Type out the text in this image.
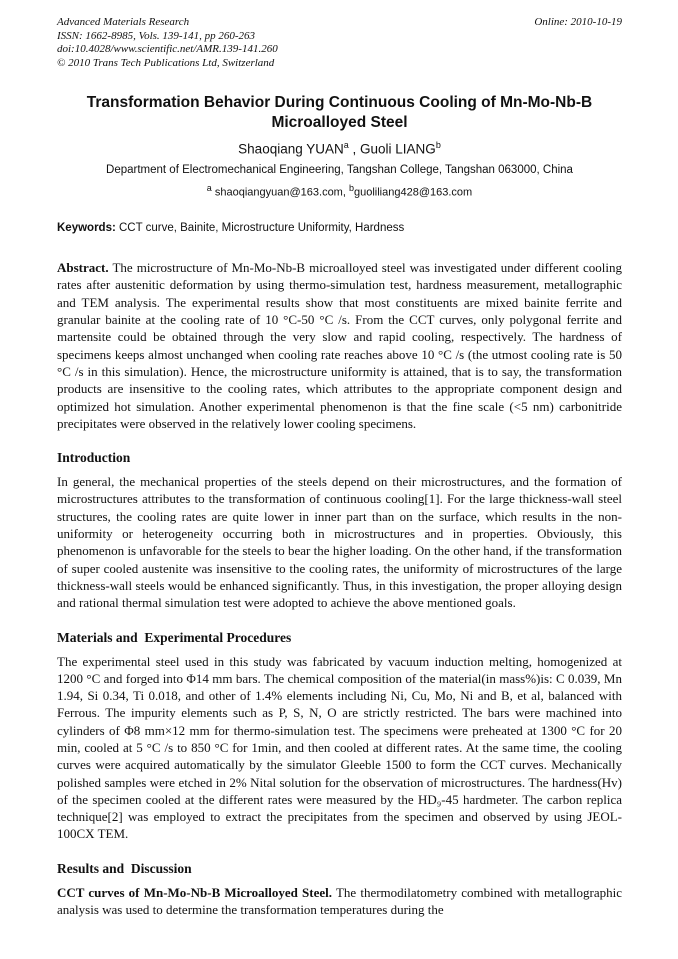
Advanced Materials Research
ISSN: 1662-8985, Vols. 139-141, pp 260-263
doi:10.4028/www.scientific.net/AMR.139-141.260
© 2010 Trans Tech Publications Ltd, Switzerland
Online: 2010-10-19
Transformation Behavior During Continuous Cooling of Mn-Mo-Nb-B Microalloyed Steel
Shaoqiang YUAN$^a$ , Guoli LIANG$^b$
Department of Electromechanical Engineering, Tangshan College, Tangshan 063000, China
$^a$ shaoqiangyuan@163.com, $^b$guoliliang428@163.com
Keywords: CCT curve, Bainite, Microstructure Uniformity, Hardness

Abstract. The microstructure of Mn-Mo-Nb-B microalloyed steel was investigated under different cooling rates after austenitic deformation by using thermo-simulation test, hardness measurement, metallographic and TEM analysis. The experimental results show that most constituents are mixed bainite ferrite and granular bainite at the cooling rate of 10 °C-50 °C /s. From the CCT curves, only polygonal ferrite and martensite could be obtained through the very slow and rapid cooling, respectively. The hardness of specimens keeps almost unchanged when cooling rate reaches above 10 °C /s (the utmost cooling rate is 50 °C /s in this simulation). Hence, the microstructure uniformity is attained, that is to say, the transformation products are insensitive to the cooling rates, which attributes to the appropriate component design and optimized hot simulation. Another experimental phenomenon is that the fine scale (<5 nm) carbonitride precipitates were observed in the relatively lower cooling specimens.

Introduction

In general, the mechanical properties of the steels depend on their microstructures, and the formation of microstructures attributes to the transformation of continuous cooling[1]. For the large thickness-wall steel structures, the cooling rates are quite lower in inner part than on the surface, which results in the non-uniformity or heterogeneity occurring both in microstructures and in properties. Obviously, this phenomenon is unfavorable for the steels to bear the higher loading. On the other hand, if the transformation of super cooled austenite was insensitive to the cooling rates, the uniformity of microstructures of the large thickness-wall steels would be enhanced significantly. Thus, in this investigation, the proper alloying design and rational thermal simulation test were adopted to achieve the above mentioned goals.

Materials and  Experimental Procedures

The experimental steel used in this study was fabricated by vacuum induction melting, homogenized at 1200 °C and forged into Φ14 mm bars. The chemical composition of the material(in mass%)is: C 0.039, Mn 1.94, Si 0.34, Ti 0.018, and other of 1.4% elements including Ni, Cu, Mo, Ni and B, et al, balanced with Ferrous. The impurity elements such as P, S, N, O are strictly restricted. The bars were machined into cylinders of Φ8 mm×12 mm for thermo-simulation test. The specimens were preheated at 1300 °C for 20 min, cooled at 5 °C /s to 850 °C for 1min, and then cooled at different rates. At the same time, the cooling curves were acquired automatically by the simulator Gleeble 1500 to form the CCT curves. Mechanically polished samples were etched in 2% Nital solution for the observation of microstructures. The hardness(Hv) of the specimen cooled at the different rates were measured by the HD₉-45 hardmeter. The carbon replica technique[2] was employed to extract the precipitates from the specimen and observed by using JEOL-100CX TEM.

Results and  Discussion

CCT curves of Mn-Mo-Nb-B Microalloyed Steel. The thermodilatometry combined with metallographic analysis was used to determine the transformation temperatures during the
